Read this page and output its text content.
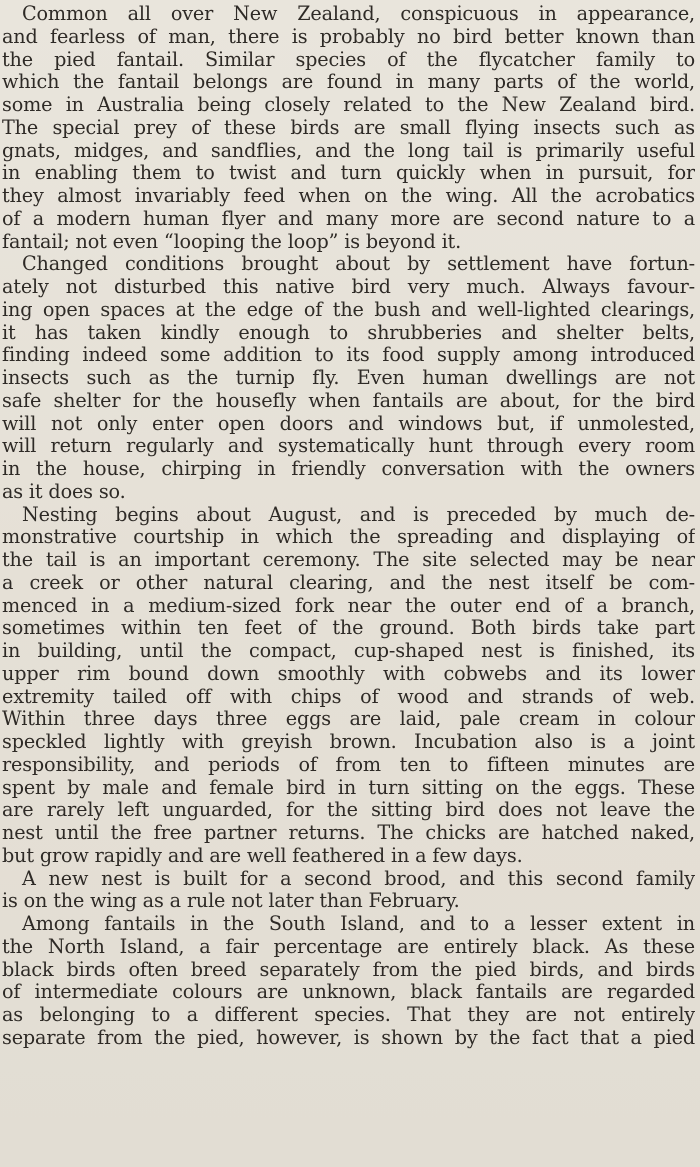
Common all over New Zealand, conspicuous in appearance,
and fearless of man, there is probably no bird better known than
the pied fantail. Similar species of the flycatcher family to
which the fantail belongs are found in many parts of the world,
some in Australia being closely related to the New Zealand bird.
The special prey of these birds are small flying insects such as
gnats, midges, and sandflies, and the long tail is primarily useful
in enabling them to twist and turn quickly when in pursuit, for
they almost invariably feed when on the wing. All the acrobatics
of a modern human flyer and many more are second nature to a
fantail; not even “looping the loop” is beyond it.
Changed conditions brought about by settlement have fortun-
ately not disturbed this native bird very much. Always favour-
ing open spaces at the edge of the bush and well-lighted clearings,
it has taken kindly enough to shrubberies and shelter belts,
finding indeed some addition to its food supply among introduced
insects such as the turnip fly. Even human dwellings are not
safe shelter for the housefly when fantails are about, for the bird
will not only enter open doors and windows but, if unmolested,
will return regularly and systematically hunt through every room
in the house, chirping in friendly conversation with the owners
as it does so.
Nesting begins about August, and is preceded by much de-
monstrative courtship in which the spreading and displaying of
the tail is an important ceremony. The site selected may be near
a creek or other natural clearing, and the nest itself be com-
menced in a medium-sized fork near the outer end of a branch,
sometimes within ten feet of the ground. Both birds take part
in building, until the compact, cup-shaped nest is finished, its
upper rim bound down smoothly with cobwebs and its lower
extremity tailed off with chips of wood and strands of web.
Within three days three eggs are laid, pale cream in colour
speckled lightly with greyish brown. Incubation also is a joint
responsibility, and periods of from ten to fifteen minutes are
spent by male and female bird in turn sitting on the eggs. These
are rarely left unguarded, for the sitting bird does not leave the
nest until the free partner returns. The chicks are hatched naked,
but grow rapidly and are well feathered in a few days.
A new nest is built for a second brood, and this second family
is on the wing as a rule not later than February.
Among fantails in the South Island, and to a lesser extent in
the North Island, a fair percentage are entirely black. As these
black birds often breed separately from the pied birds, and birds
of intermediate colours are unknown, black fantails are regarded
as belonging to a different species. That they are not entirely
separate from the pied, however, is shown by the fact that a pied
